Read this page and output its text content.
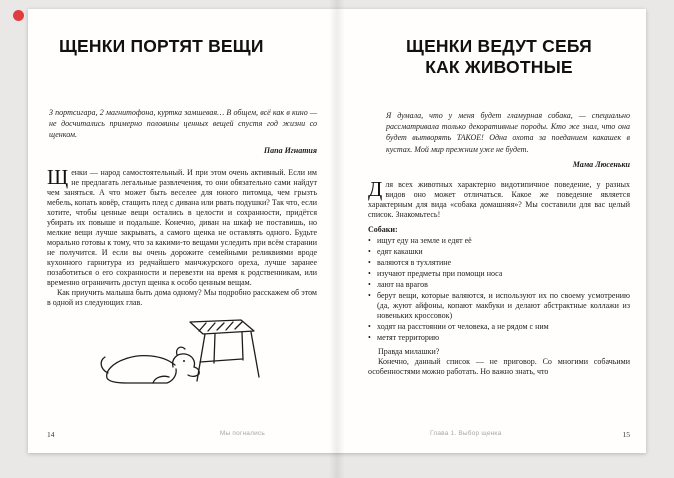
ЩЕНКИ ПОРТЯТ ВЕЩИ
3 портсигара, 2 магнитофона, куртка замшевая… В общем, всё как в кино — не досчитались примерно половины ценных вещей спустя год жизни со щенком.
Папа Игнатия

Щенки — народ самостоятельный. И при этом очень активный. Если им не предлагать легальные развлечения, то они обязательно сами найдут чем заняться. А что может быть веселее для юного питомца, чем грызть мебель, копать ковёр, стащить плед с дивана или рвать подушки? Так что, если хотите, чтобы ценные вещи остались в целости и сохранности, придётся убирать их повыше и подальше. Конечно, диван на шкаф не поставишь, но мелкие вещи лучше закрывать, а самого щенка не оставлять одного. Будьте морально готовы к тому, что за какими-то вещами уследить при всём старании не получится. И если вы очень дорожите семейными реликвиями вроде кухонного гарнитура из редчайшего манчжурского ореха, лучше заранее позаботиться о его сохранности и перевезти на время к родственникам, или временно ограничить доступ щенка к особо ценным вещам.

Как приучить малыша быть дома одному? Мы подробно расскажем об этом в одной из следующих глав.

14	Мы погнались
ЩЕНКИ ВЕДУТ СЕБЯ
КАК ЖИВОТНЫЕ
Я думала, что у меня будет гламурная собака, — специально рассматривала только декоративные породы. Кто же знал, что она будет вытворять ТАКОЕ! Одна охота за поеданием какашек в кустах. Мой мир прежним уже не будет.
Мама Люсеньки

Для всех животных характерно видотипичное поведение, у разных видов оно может отличаться. Какое же поведение является характерным для вида «собака домашняя»? Мы составили для вас целый список. Знакомьтесь!

Собаки:
• ищут еду на земле и едят её
• едят какашки
• валяются в тухлятине
• изучают предметы при помощи носа
• лают на врагов
• берут вещи, которые валяются, и используют их по своему усмотрению (да, жуют айфоны, копают макбуки и делают абстрактные коллажи из новеньких кроссовок)
• ходят на расстоянии от человека, а не рядом с ним
• метят территорию

Правда милашки?

Конечно, данный список — не приговор. Со многими собачьими особенностями можно работать. Но важно знать, что

Глава 1. Выбор щенка	15
